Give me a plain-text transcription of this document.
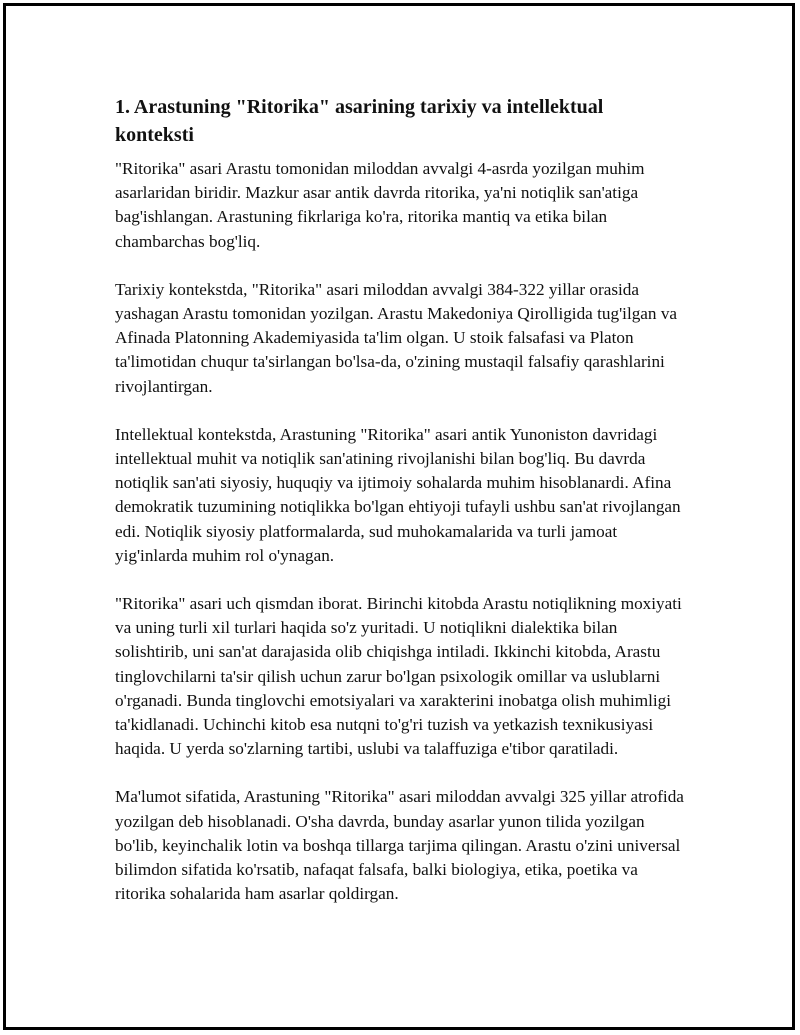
1. Arastuning "Ritorika" asarining tarixiy va intellektual konteksti

"Ritorika" asari Arastu tomonidan miloddan avvalgi 4-asrda yozilgan muhim asarlaridan biridir. Mazkur asar antik davrda ritorika, ya'ni notiqlik san'atiga bag'ishlangan. Arastuning fikrlariga ko'ra, ritorika mantiq va etika bilan chambarchas bog'liq.

Tarixiy kontekstda, "Ritorika" asari miloddan avvalgi 384-322 yillar orasida yashagan Arastu tomonidan yozilgan. Arastu Makedoniya Qirolligida tug'ilgan va Afinada Platonning Akademiyasida ta'lim olgan. U stoik falsafasi va Platon ta'limotidan chuqur ta'sirlangan bo'lsa-da, o'zining mustaqil falsafiy qarashlarini rivojlantirgan.

Intellektual kontekstda, Arastuning "Ritorika" asari antik Yunoniston davridagi intellektual muhit va notiqlik san'atining rivojlanishi bilan bog'liq. Bu davrda notiqlik san'ati siyosiy, huquqiy va ijtimoiy sohalarda muhim hisoblanardi. Afina demokratik tuzumining notiqlikka bo'lgan ehtiyoji tufayli ushbu san'at rivojlangan edi. Notiqlik siyosiy platformalarda, sud muhokamalarida va turli jamoat yig'inlarda muhim rol o'ynagan.

"Ritorika" asari uch qismdan iborat. Birinchi kitobda Arastu notiqlikning moxiyati va uning turli xil turlari haqida so'z yuritadi. U notiqlikni dialektika bilan solishtirib, uni san'at darajasida olib chiqishga intiladi. Ikkinchi kitobda, Arastu tinglovchilarni ta'sir qilish uchun zarur bo'lgan psixologik omillar va uslublarni o'rganadi. Bunda tinglovchi emotsiyalari va xarakterini inobatga olish muhimligi ta'kidlanadi. Uchinchi kitob esa nutqni to'g'ri tuzish va yetkazish texnikusiyasi haqida. U yerda so'zlarning tartibi, uslubi va talaffuziga e'tibor qaratiladi.

Ma'lumot sifatida, Arastuning "Ritorika" asari miloddan avvalgi 325 yillar atrofida yozilgan deb hisoblanadi. O'sha davrda, bunday asarlar yunon tilida yozilgan bo'lib, keyinchalik lotin va boshqa tillarga tarjima qilingan. Arastu o'zini universal bilimdon sifatida ko'rsatib, nafaqat falsafa, balki biologiya, etika, poetika va ritorika sohalarida ham asarlar qoldirgan.
